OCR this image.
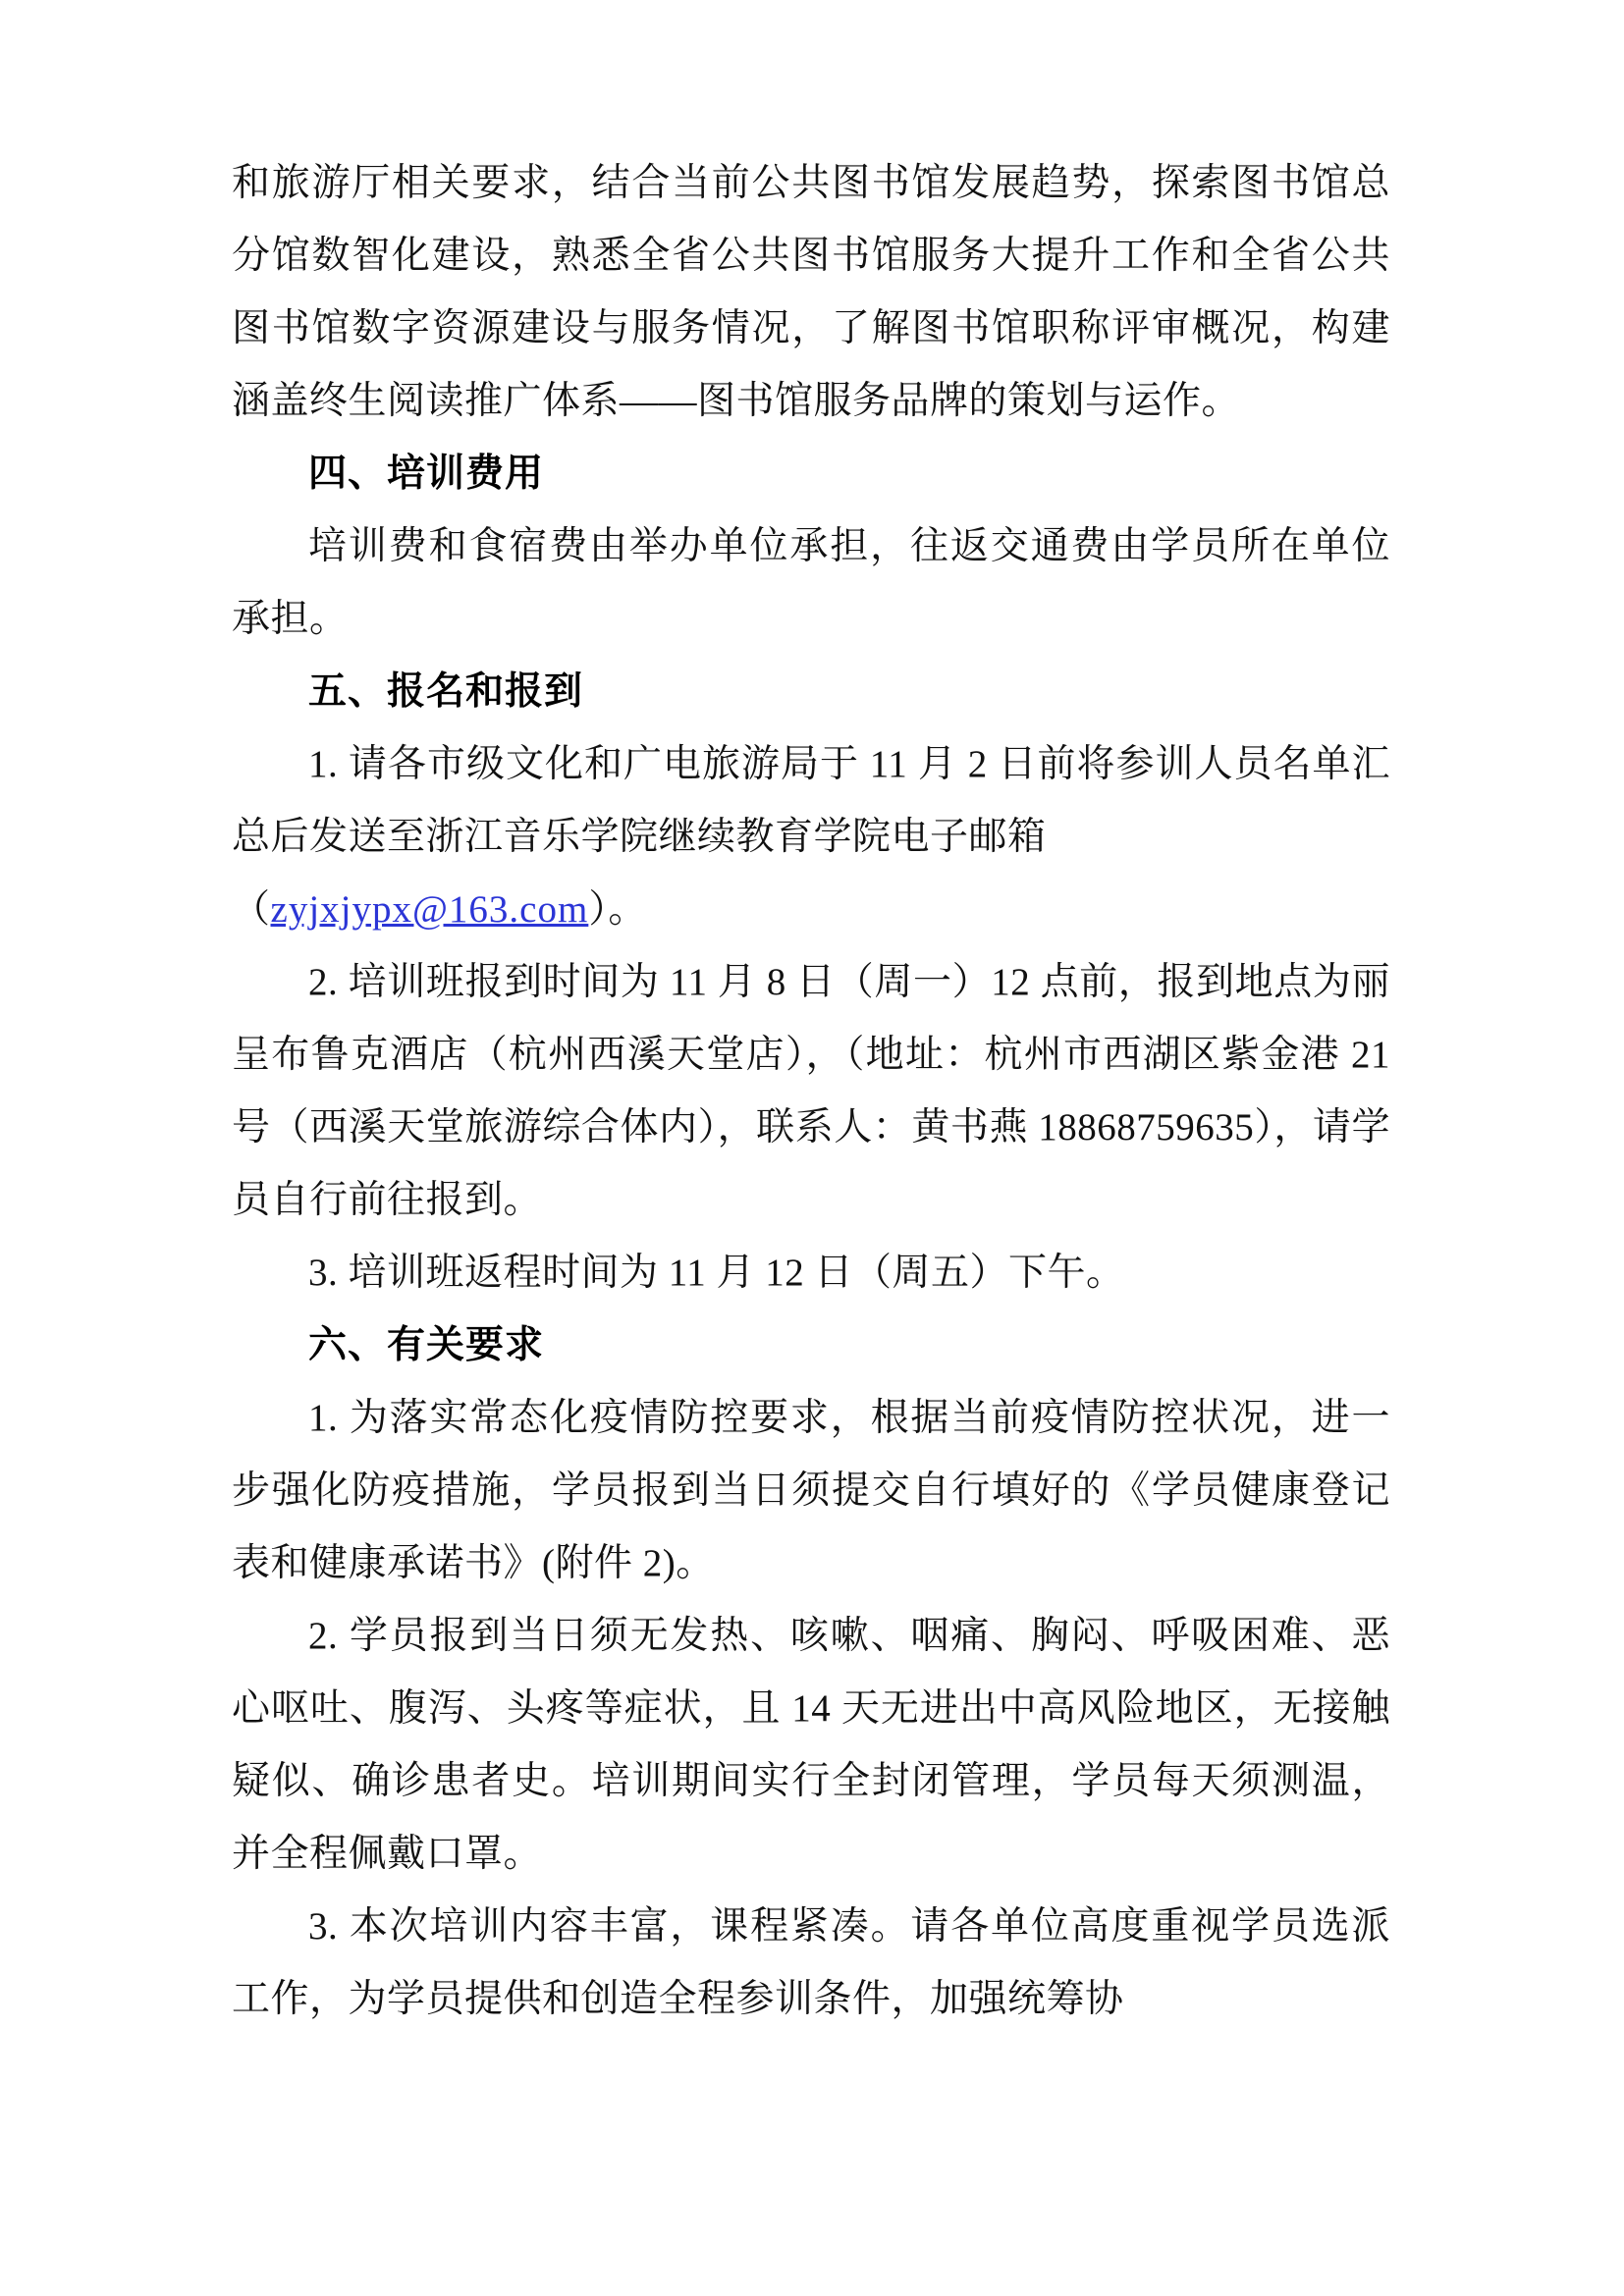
和旅游厅相关要求，结合当前公共图书馆发展趋势，探索图书馆总分馆数智化建设，熟悉全省公共图书馆服务大提升工作和全省公共图书馆数字资源建设与服务情况，了解图书馆职称评审概况，构建涵盖终生阅读推广体系——图书馆服务品牌的策划与运作。

四、培训费用

培训费和食宿费由举办单位承担，往返交通费由学员所在单位承担。

五、报名和报到

1. 请各市级文化和广电旅游局于 11 月 2 日前将参训人员名单汇总后发送至浙江音乐学院继续教育学院电子邮箱

（zyjxjypx@163.com）。

2. 培训班报到时间为 11 月 8 日（周一）12 点前，报到地点为丽呈布鲁克酒店（杭州西溪天堂店），（地址：杭州市西湖区紫金港 21 号（西溪天堂旅游综合体内），联系人：黄书燕 18868759635），请学员自行前往报到。

3. 培训班返程时间为 11 月 12 日（周五）下午。

六、有关要求

1. 为落实常态化疫情防控要求，根据当前疫情防控状况，进一步强化防疫措施，学员报到当日须提交自行填好的《学员健康登记表和健康承诺书》(附件 2)。

2. 学员报到当日须无发热、咳嗽、咽痛、胸闷、呼吸困难、恶心呕吐、腹泻、头疼等症状，且 14 天无进出中高风险地区，无接触疑似、确诊患者史。培训期间实行全封闭管理，学员每天须测温，并全程佩戴口罩。

3. 本次培训内容丰富，课程紧凑。请各单位高度重视学员选派工作，为学员提供和创造全程参训条件，加强统筹协
